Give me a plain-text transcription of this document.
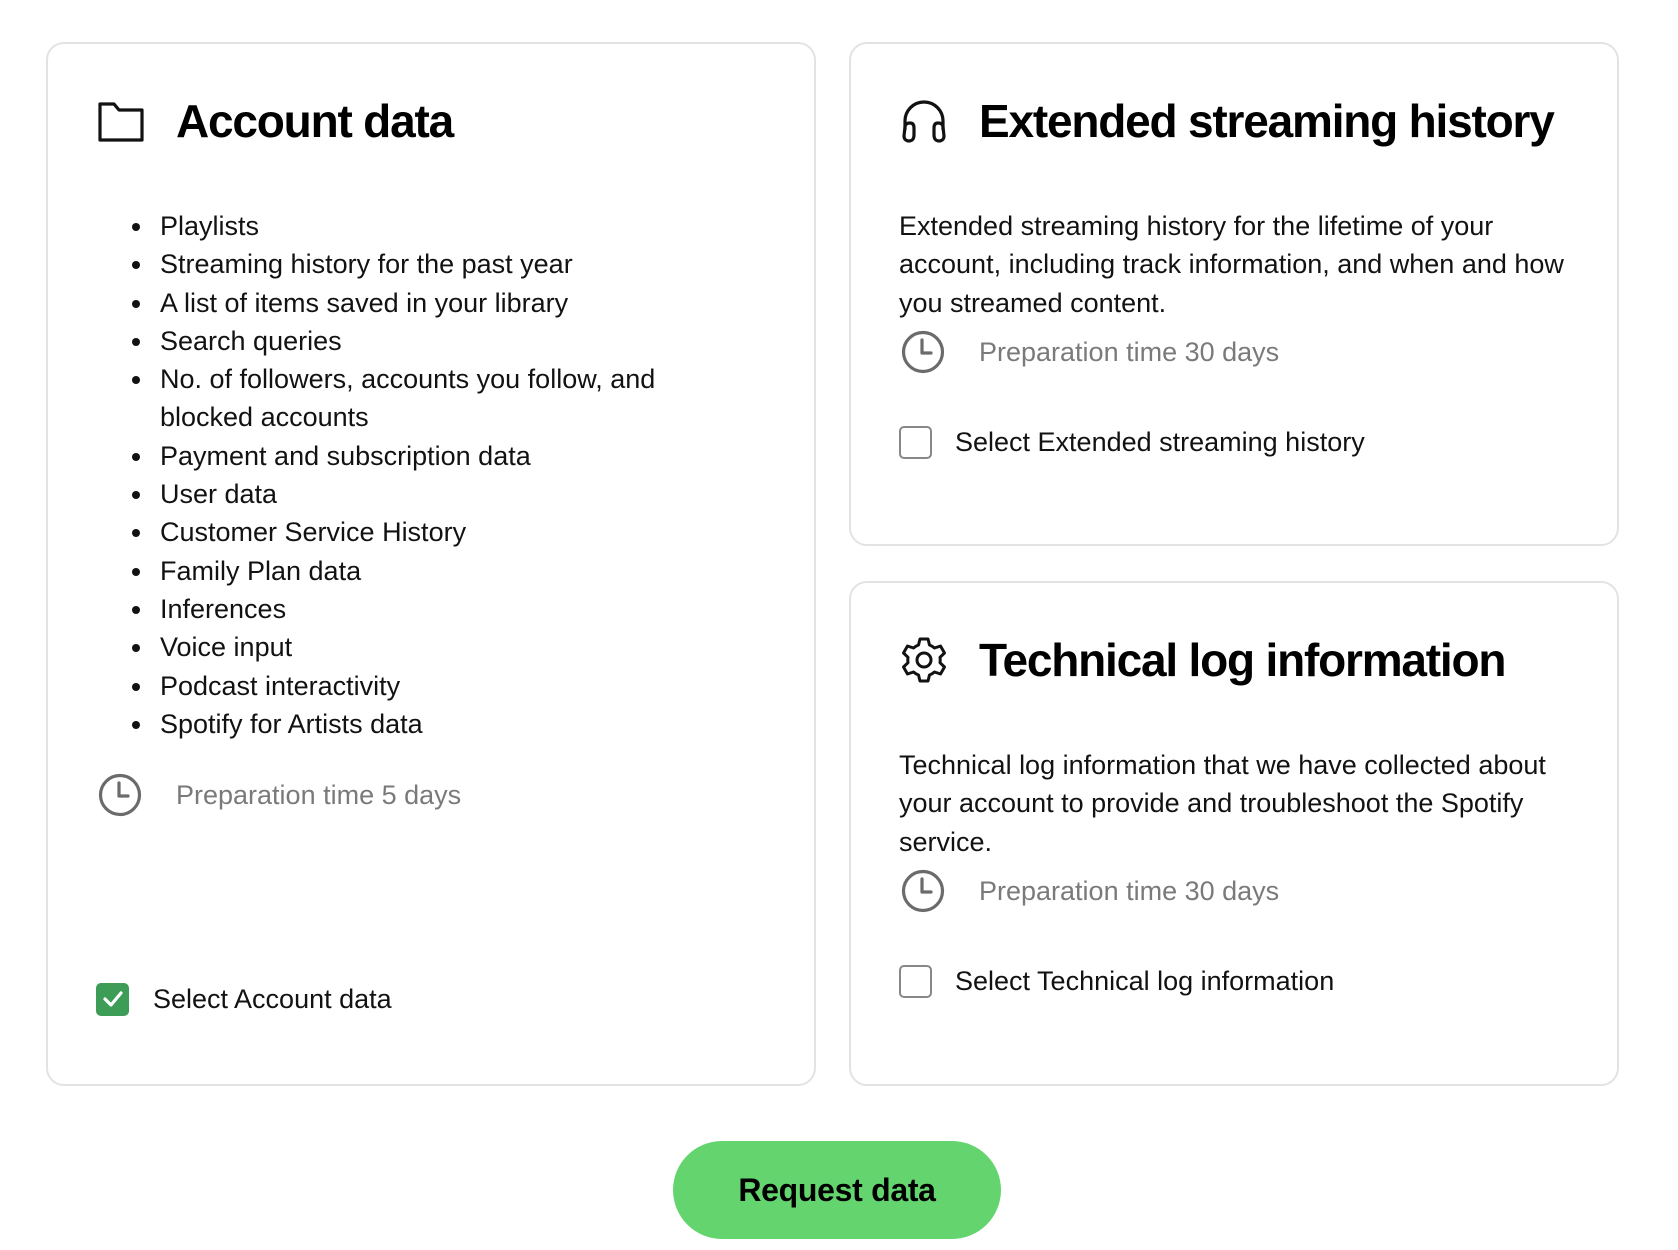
Account data
Playlists
Streaming history for the past year
A list of items saved in your library
Search queries
No. of followers, accounts you follow, and blocked accounts
Payment and subscription data
User data
Customer Service History
Family Plan data
Inferences
Voice input
Podcast interactivity
Spotify for Artists data
Preparation time 5 days
Select Account data
Extended streaming history

Extended streaming history for the lifetime of your account, including track information, and when and how you streamed content.

Preparation time 30 days
Select Extended streaming history
Technical log information

Technical log information that we have collected about your account to provide and troubleshoot the Spotify service.

Preparation time 30 days
Select Technical log information
Request data
